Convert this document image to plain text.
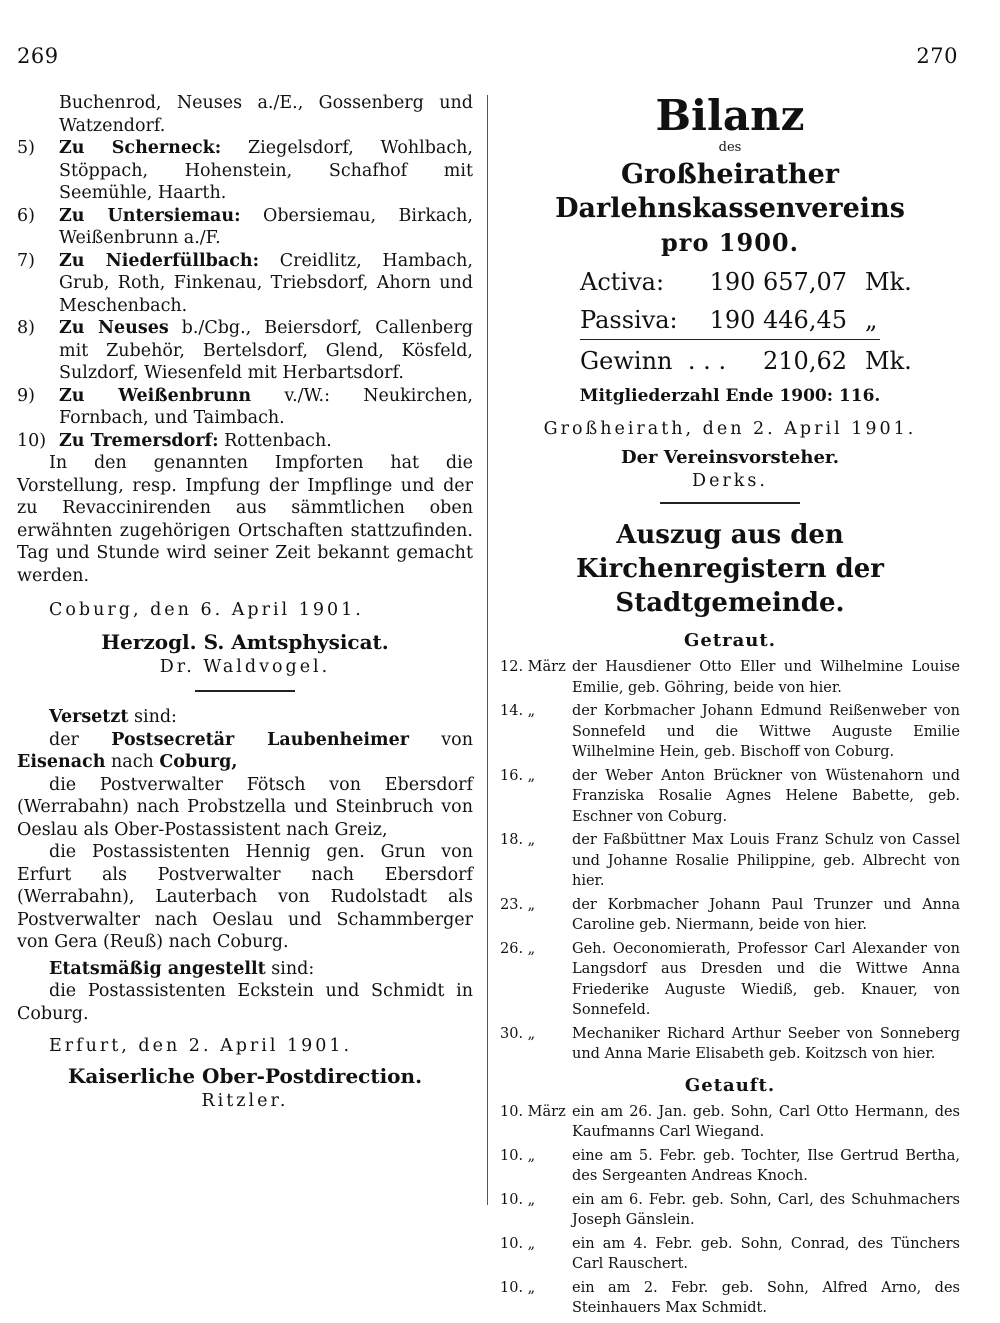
269	270

Buchenrod, Neuses a./E., Gossenberg und Watzendorf.

5) Zu Scherneck: Ziegelsdorf, Wohlbach, Stöppach, Hohenstein, Schafhof mit Seemühle, Haarth.

6) Zu Untersiemau: Obersiemau, Birkach, Weißenbrunn a./F.

7) Zu Niederfüllbach: Creidlitz, Hambach, Grub, Roth, Finkenau, Triebsdorf, Ahorn und Meschenbach.

8) Zu Neuses b./Cbg., Beiersdorf, Callenberg mit Zubehör, Bertelsdorf, Glend, Kösfeld, Sulzdorf, Wiesenfeld mit Herbartsdorf.

9) Zu Weißenbrunn v./W.: Neukirchen, Fornbach, und Taimbach.

10) Zu Tremersdorf: Rottenbach.

In den genannten Impforten hat die Vorstellung, resp. Impfung der Impflinge und der zu Revaccinirenden aus sämmtlichen oben erwähnten zugehörigen Ortschaften stattzufinden. Tag und Stunde wird seiner Zeit bekannt gemacht werden.

Coburg, den 6. April 1901.

Herzogl. S. Amtsphysicat.

Dr. Waldvogel.

Versetzt sind:

der Postsecretär Laubenheimer von Eisenach nach Coburg,

die Postverwalter Fötsch von Ebersdorf (Werrabahn) nach Probstzella und Steinbruch von Oeslau als Ober-Postassistent nach Greiz,

die Postassistenten Hennig gen. Grun von Erfurt als Postverwalter nach Ebersdorf (Werrabahn), Lauterbach von Rudolstadt als Postverwalter nach Oeslau und Schammberger von Gera (Reuß) nach Coburg.

Etatsmäßig angestellt sind:

die Postassistenten Eckstein und Schmidt in Coburg.

Erfurt, den 2. April 1901.

Kaiserliche Ober-Postdirection.

Ritzler.

Bilanz

des

Großheirather Darlehnskassenvereins

pro 1900.

Activa:	190 657,07 Mk.
Passiva:	190 446,45 „
Gewinn . . .	210,62 Mk.

Mitgliederzahl Ende 1900: 116.

Großheirath, den 2. April 1901.

Der Vereinsvorsteher.

Derks.

Auszug aus den Kirchenregistern der

Stadtgemeinde.

Getraut.

12. März der Hausdiener Otto Eller und Wilhelmine Louise Emilie, geb. Göhring, beide von hier.
14. „	der Korbmacher Johann Edmund Reißenweber von Sonnefeld und die Wittwe Auguste Emilie Wilhelmine Hein, geb. Bischoff von Coburg.
16. „	der Weber Anton Brückner von Wüstenahorn und Franziska Rosalie Agnes Helene Babette, geb. Eschner von Coburg.
18. „	der Faßbüttner Max Louis Franz Schulz von Cassel und Johanne Rosalie Philippine, geb. Albrecht von hier.
23. „	der Korbmacher Johann Paul Trunzer und Anna Caroline geb. Niermann, beide von hier.
26. „	Geh. Oeconomierath, Professor Carl Alexander von Langsdorf aus Dresden und die Wittwe Anna Friederike Auguste Wiediß, geb. Knauer, von Sonnefeld.
30. „	Mechaniker Richard Arthur Seeber von Sonneberg und Anna Marie Elisabeth geb. Koitzsch von hier.

Getauft.

10. März ein am 26. Jan. geb. Sohn, Carl Otto Hermann, des Kaufmanns Carl Wiegand.
10. „	eine am 5. Febr. geb. Tochter, Ilse Gertrud Bertha, des Sergeanten Andreas Knoch.
10. „	ein am 6. Febr. geb. Sohn, Carl, des Schuhmachers Joseph Gänslein.
10. „	ein am 4. Febr. geb. Sohn, Conrad, des Tünchers Carl Rauschert.
10. „	ein am 2. Febr. geb. Sohn, Alfred Arno, des Steinhauers Max Schmidt.
